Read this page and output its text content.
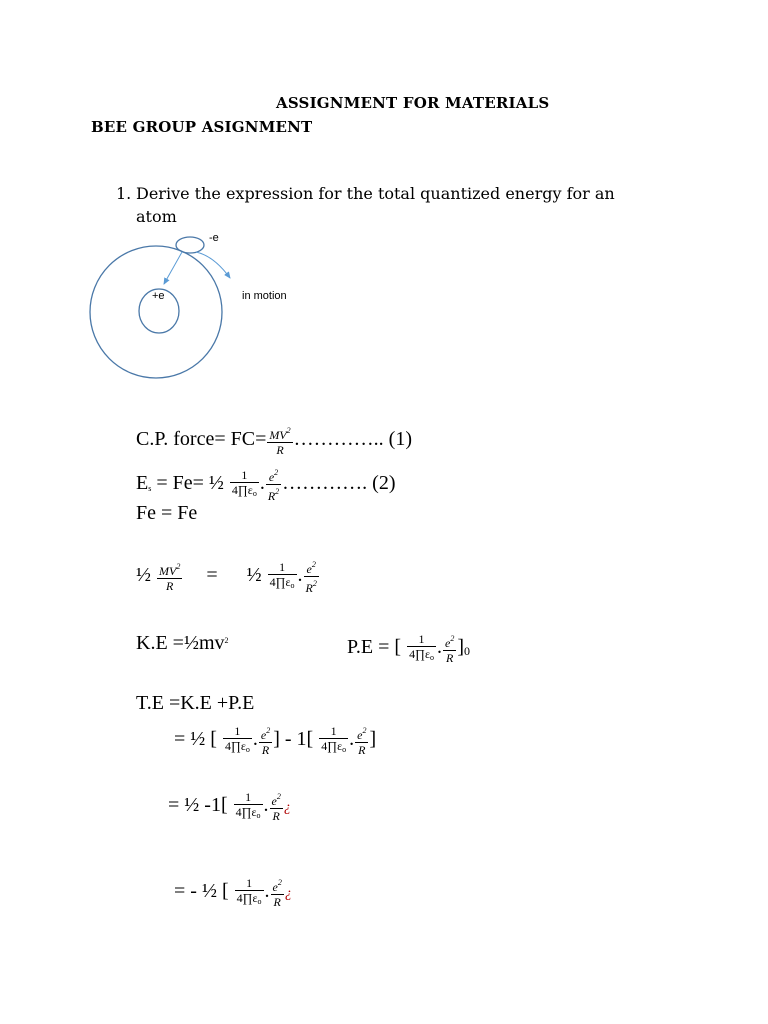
ASSIGNMENT FOR MATERIALS
BEE GROUP ASIGNMENT
1. Derive the expression for the total quantized energy for an
atom
-e
+e	in motion
C.P. force= $FC= \frac{MV^2}{R}$ ………….. (1)
$E_s = Fe=$ ½ $\frac{1}{4\prod\varepsilon_o}$ . $\frac{e^2}{R^2}$ …………. (2)
Fe = Fe
½ $\frac{MV^2}{R}$ = ½ $\frac{1}{4\prod\varepsilon_o}$ . $\frac{e^2}{R^2}$
$K.E =\frac{1}{2}mv^2$	P.E = [ $\frac{1}{4\prod\varepsilon_o}$ . $\frac{e^2}{R} ]0$
T.E =K.E +P.E
= ½ [ $\frac{1}{4\prod\varepsilon_o}$ . $\frac{e^2}{R}$ ] - $1[ \frac{1}{4\prod\varepsilon_o}$ . $\frac{e^2}{R}$ ]
= ½ $-1[ \frac{1}{4\prod\varepsilon_o}$ . $\frac{e^2}{R}$ ¿
= - ½ [ $\frac{1}{4\prod\varepsilon_o}$ . $\frac{e^2}{R}$ ¿
